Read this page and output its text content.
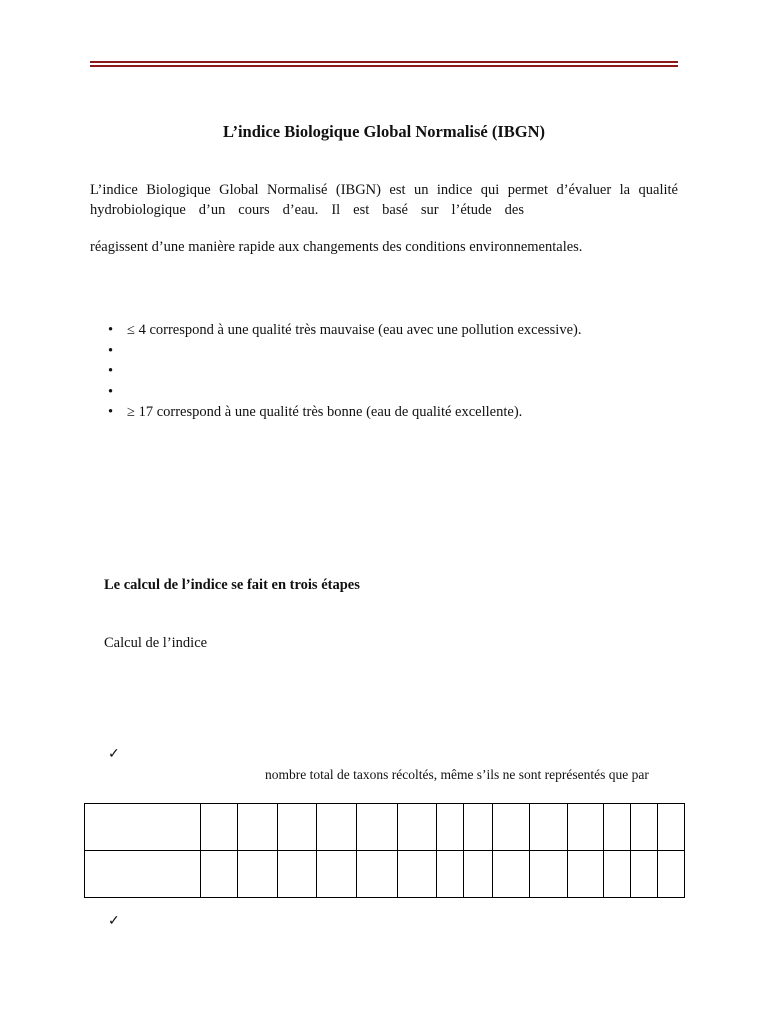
L’indice Biologique Global Normalisé (IBGN)
L’indice Biologique Global Normalisé (IBGN) est un indice qui permet d’évaluer la qualité
hydrobiologique d’un cours d’eau. Il est basé sur l’étude des
réagissent d’une manière rapide aux changements des conditions environnementales.
• ≤ 4 correspond à une qualité très mauvaise (eau avec une pollution excessive).
•
•
•
• ≥ 17 correspond à une qualité très bonne (eau de qualité excellente).
Le calcul de l’indice se fait en trois étapes
Calcul de l’indice
✓
nombre total de taxons récoltés, même s’ils ne sont représentés que par

✓
